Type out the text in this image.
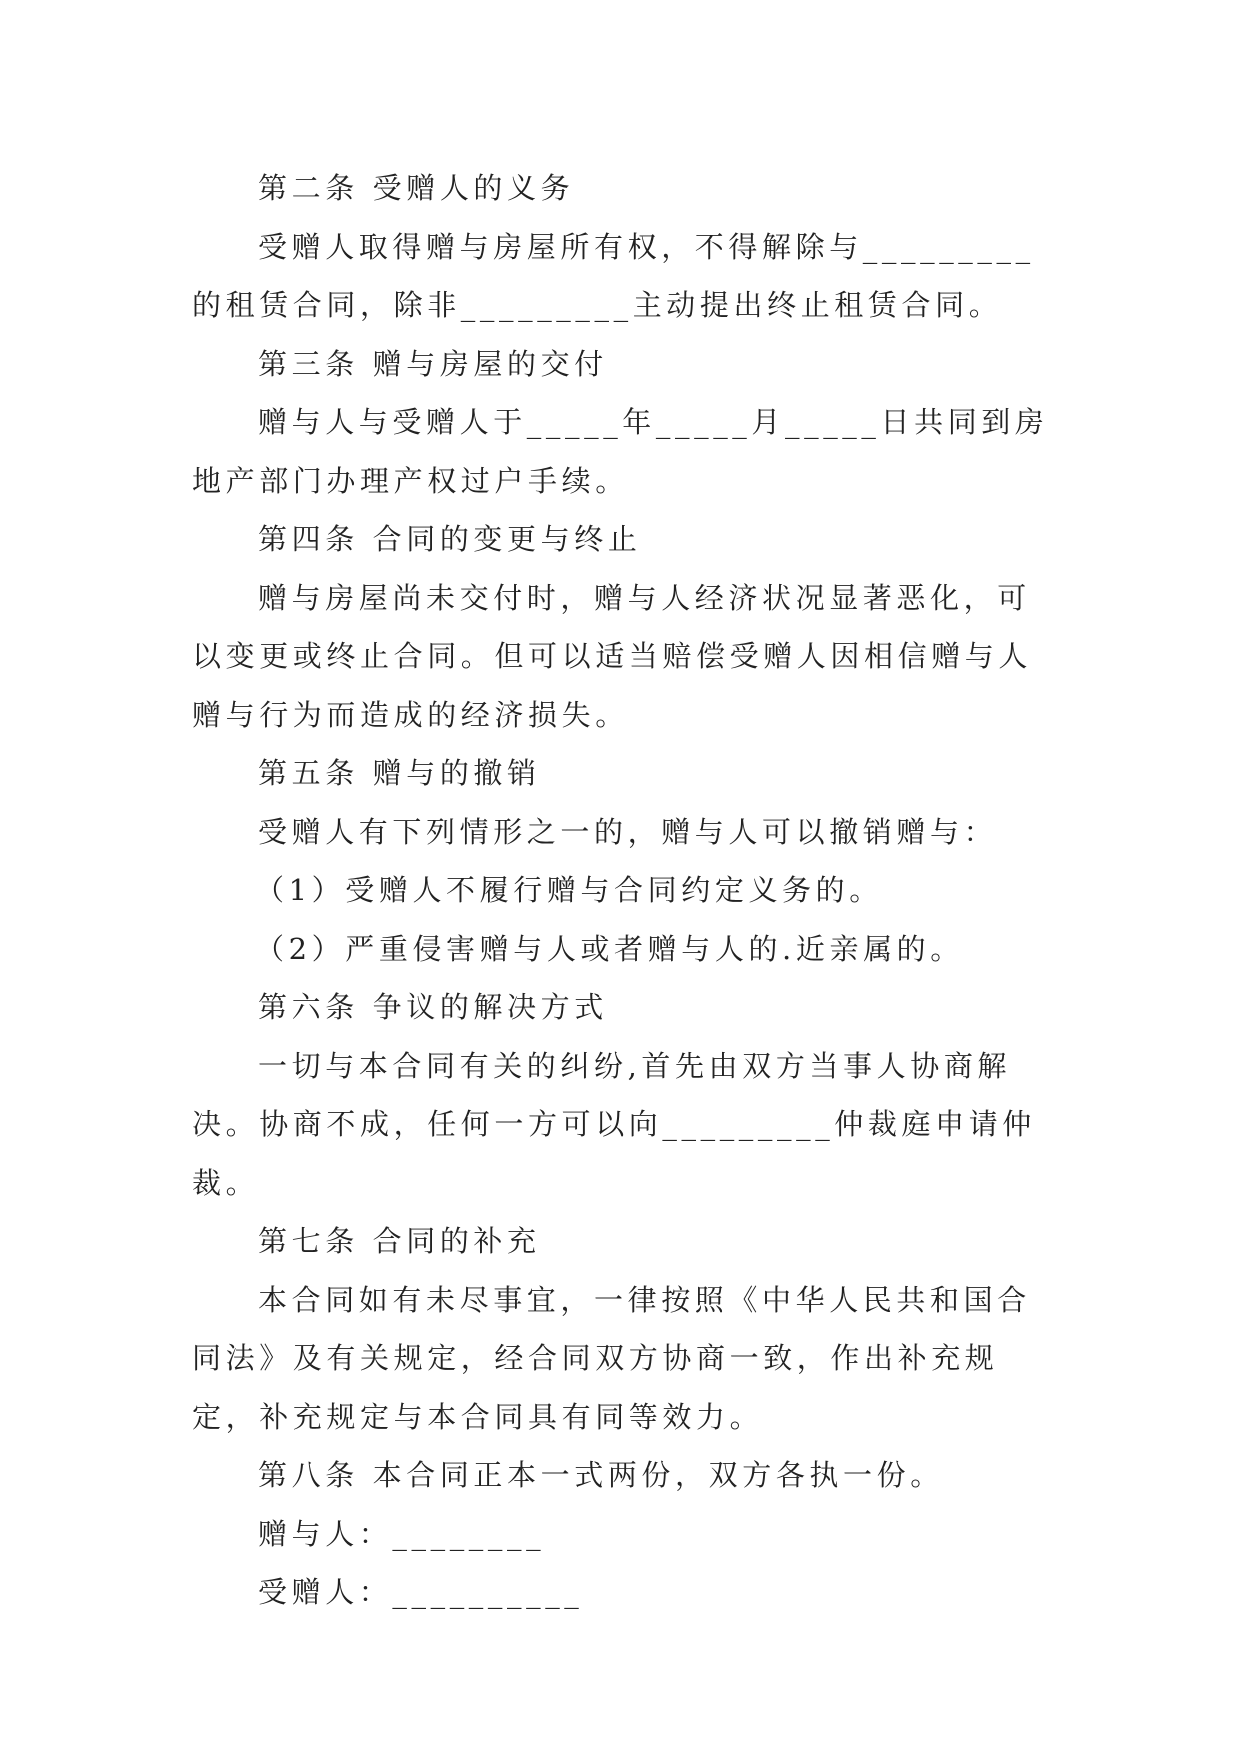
第二条 受赠人的义务

受赠人取得赠与房屋所有权，不得解除与_________的租赁合同，除非_________主动提出终止租赁合同。

第三条 赠与房屋的交付

赠与人与受赠人于_____年_____月_____日共同到房地产部门办理产权过户手续。

第四条 合同的变更与终止

赠与房屋尚未交付时，赠与人经济状况显著恶化，可以变更或终止合同。但可以适当赔偿受赠人因相信赠与人赠与行为而造成的经济损失。

第五条 赠与的撤销

受赠人有下列情形之一的，赠与人可以撤销赠与：

（1）受赠人不履行赠与合同约定义务的。

（2）严重侵害赠与人或者赠与人的.近亲属的。

第六条 争议的解决方式

一切与本合同有关的纠纷,首先由双方当事人协商解决。协商不成，任何一方可以向_________仲裁庭申请仲裁。

第七条 合同的补充

本合同如有未尽事宜，一律按照《中华人民共和国合同法》及有关规定，经合同双方协商一致，作出补充规定，补充规定与本合同具有同等效力。

第八条 本合同正本一式两份，双方各执一份。

赠与人：________

受赠人：__________
